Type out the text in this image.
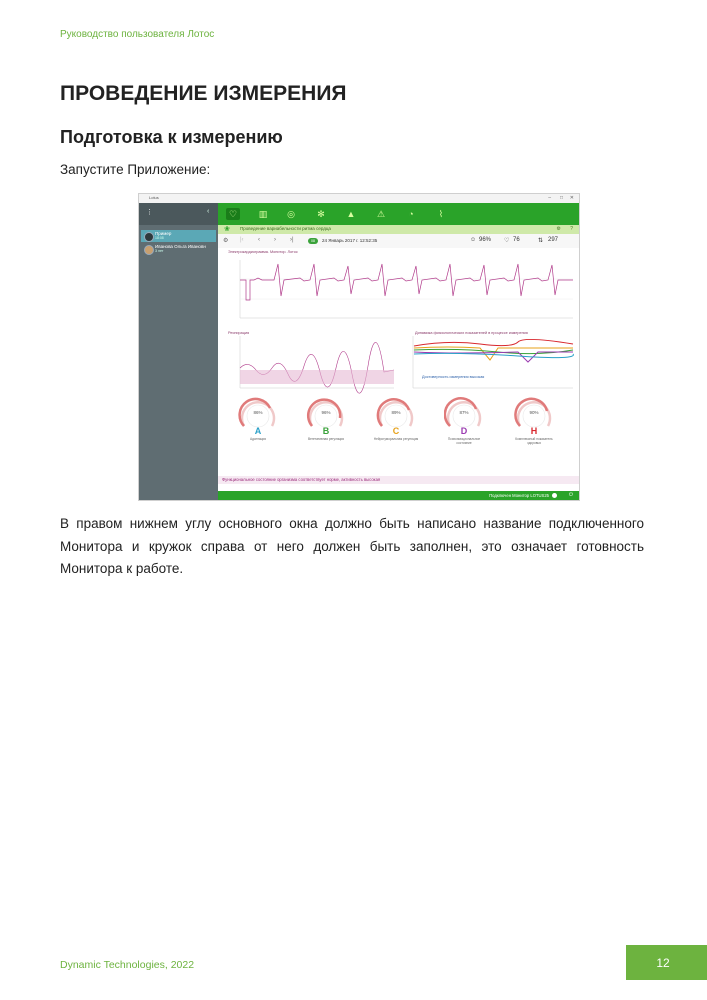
Руководство пользователя Лотос
ПРОВЕДЕНИЕ ИЗМЕРЕНИЯ
Подготовка к измерению
Запустите Приложение:
Lotus	– □ ✕
⋮	‹
Пример
18:08
Иванова Ольга Ивановн
3 лет
♡	▥	◎	✻	▲	⚠	◔	⌇
❀ Проведение вариабельности ритма сердца	⚙ ?
⚙ |‹ ‹ › ›|	08	24 Январь 2017 г. 12:52:35	☺ 96% ♡ 76	⇅ 297
Электрокардиограмма. Монитор. Лотос
Респирация	Динамика физиологических показателей в процессе измерения
Достоверность измерения высокая
86%
A
Адаптация
96%
B
Вегетативная регуляция
89%
C
Нейрогуморальная регуляция
87%
D
Психоэмоциональное состояние
90%
H
Комплексный показатель здоровья
Функциональное состояние организма соответствует норме, активность высокая
Подключен Монитор LOTUS25	⏻

В правом нижнем углу основного окна должно быть написано название подключенного Монитора и кружок справа от него должен быть заполнен, это означает готовность Монитора к работе.

Dynamic Technologies, 2022	12
